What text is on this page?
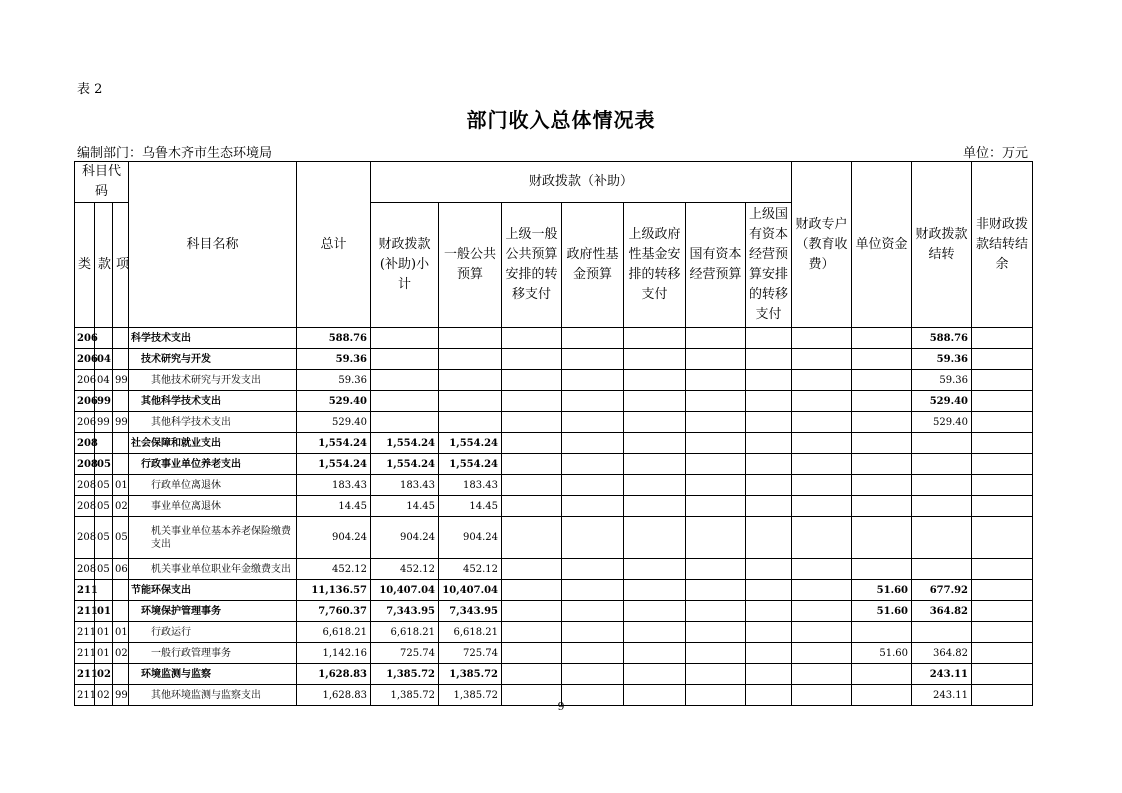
表 2
部门收入总体情况表
编制部门：乌鲁木齐市生态环境局	单位：万元
科目代码			科目名称	总计	财政拨款（补助）							财政专户（教育收费）	单位资金	财政拨款结转	非财政拨款结转结余
类	款	项			财政拨款(补助)小计	一般公共预算	上级一般公共预算安排的转移支付	政府性基金预算	上级政府性基金安排的转移支付	国有资本经营预算	上级国有资本经营预算安排的转移支付				
206			科学技术支出	588.76										588.76	
206	04		技术研究与开发	59.36										59.36	
206	04	99	其他技术研究与开发支出	59.36										59.36	
206	99		其他科学技术支出	529.40										529.40	
206	99	99	其他科学技术支出	529.40										529.40	
208			社会保障和就业支出	1,554.24	1,554.24	1,554.24									
208	05		行政事业单位养老支出	1,554.24	1,554.24	1,554.24									
208	05	01	行政单位离退休	183.43	183.43	183.43									
208	05	02	事业单位离退休	14.45	14.45	14.45									
208	05	05	机关事业单位基本养老保险缴费支出	904.24	904.24	904.24									
208	05	06	机关事业单位职业年金缴费支出	452.12	452.12	452.12									
211			节能环保支出	11,136.57	10,407.04	10,407.04							51.60	677.92	
211	01		环境保护管理事务	7,760.37	7,343.95	7,343.95							51.60	364.82	
211	01	01	行政运行	6,618.21	6,618.21	6,618.21									
211	01	02	一般行政管理事务	1,142.16	725.74	725.74							51.60	364.82	
211	02		环境监测与监察	1,628.83	1,385.72	1,385.72								243.11	
211	02	99	其他环境监测与监察支出	1,628.83	1,385.72	1,385.72								243.11	
9
